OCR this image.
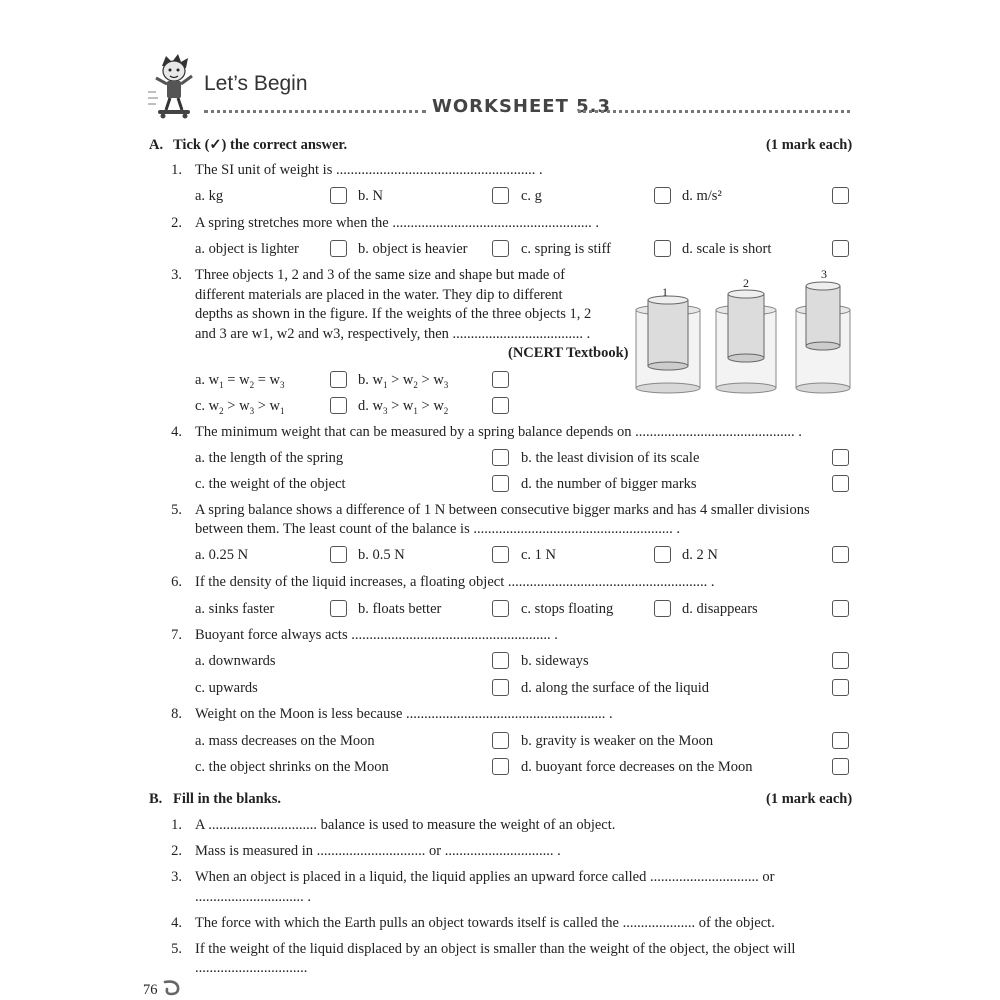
Let’s Begin
WORKSHEET 5.3
A. Tick (✓) the correct answer.	(1 mark each)
1. The SI unit of weight is ....................................................... .
a. kg	b. N	c. g	d. m/s²
2. A spring stretches more when the ....................................................... .
a. object is lighter	b. object is heavier	c. spring is stiff	d. scale is short
3. Three objects 1, 2 and 3 of the same size and shape but made of
different materials are placed in the water. They dip to different
depths as shown in the figure. If the weights of the three objects 1, 2
and 3 are w1, w2 and w3, respectively, then .................................... .
(NCERT Textbook)
1
2
3
a. $w_1 = w_2 = w_3$	b. $w_1 > w_2 > w_3$
c. $w_2 > w_3 > w_1$	d. $w_3 > w_1 > w_2$
4. The minimum weight that can be measured by a spring balance depends on ............................................ .
a. the length of the spring	b. the least division of its scale
c. the weight of the object	d. the number of bigger marks
5. A spring balance shows a difference of 1 N between consecutive bigger marks and has 4 smaller divisions
between them. The least count of the balance is ....................................................... .
a. 0.25 N	b. 0.5 N	c. 1 N	d. 2 N
6. If the density of the liquid increases, a floating object ....................................................... .
a. sinks faster	b. floats better	c. stops floating	d. disappears
7. Buoyant force always acts ....................................................... .
a. downwards	b. sideways
c. upwards	d. along the surface of the liquid
8. Weight on the Moon is less because ....................................................... .
a. mass decreases on the Moon	b. gravity is weaker on the Moon
c. the object shrinks on the Moon	d. buoyant force decreases on the Moon
B. Fill in the blanks.	(1 mark each)
1. A .............................. balance is used to measure the weight of an object.
2. Mass is measured in .............................. or .............................. .
3. When an object is placed in a liquid, the liquid applies an upward force called .............................. or
.............................. .
4. The force with which the Earth pulls an object towards itself is called the .................... of the object.
5. If the weight of the liquid displaced by an object is smaller than the weight of the object, the object will
...............................
76
